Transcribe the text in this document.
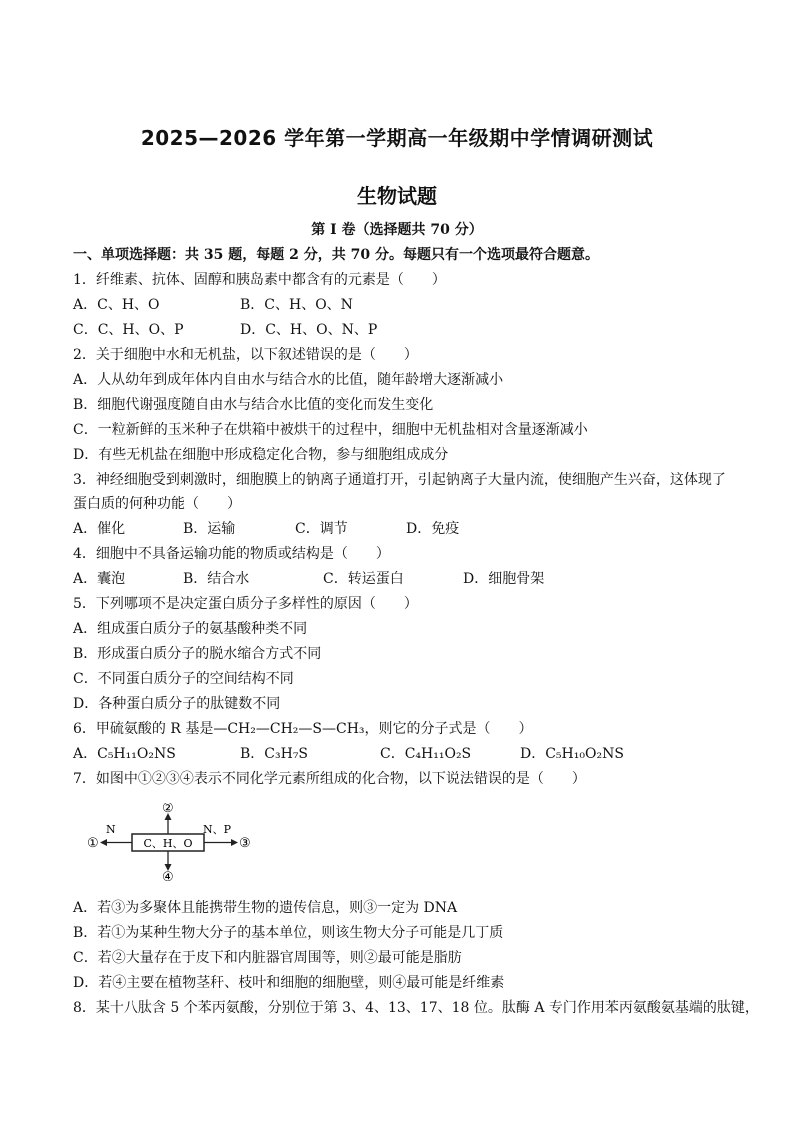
2025—2026 学年第一学期高一年级期中学情调研测试
生物试题
第 I 卷（选择题共 70 分）
一、单项选择题：共 35 题，每题 2 分，共 70 分。每题只有一个选项最符合题意。
1．纤维素、抗体、固醇和胰岛素中都含有的元素是（　　）
A．C、H、O	B．C、H、O、N
C．C、H、O、P	D．C、H、O、N、P
2．关于细胞中水和无机盐，以下叙述错误的是（　　）
A．人从幼年到成年体内自由水与结合水的比值，随年龄增大逐渐减小
B．细胞代谢强度随自由水与结合水比值的变化而发生变化
C．一粒新鲜的玉米种子在烘箱中被烘干的过程中，细胞中无机盐相对含量逐渐减小
D．有些无机盐在细胞中形成稳定化合物，参与细胞组成成分
3．神经细胞受到刺激时，细胞膜上的钠离子通道打开，引起钠离子大量内流，使细胞产生兴奋，这体现了
蛋白质的何种功能（　　）
A．催化	B．运输	C．调节	D．免疫
4．细胞中不具备运输功能的物质或结构是（　　）
A．囊泡	B．结合水	C．转运蛋白	D．细胞骨架
5．下列哪项不是决定蛋白质分子多样性的原因（　　）
A．组成蛋白质分子的氨基酸种类不同
B．形成蛋白质分子的脱水缩合方式不同
C．不同蛋白质分子的空间结构不同
D．各种蛋白质分子的肽键数不同
6．甲硫氨酸的 R 基是—CH₂—CH₂—S—CH₃，则它的分子式是（　　）
A．C₅H₁₁O₂NS	B．C₃H₇S	C．C₄H₁₁O₂S	D．C₅H₁₀O₂NS
7．如图中①②③④表示不同化学元素所组成的化合物，以下说法错误的是（　　）
C、H、O
N
①
N、P
③
②
④
A．若③为多聚体且能携带生物的遗传信息，则③一定为 DNA
B．若①为某种生物大分子的基本单位，则该生物大分子可能是几丁质
C．若②大量存在于皮下和内脏器官周围等，则②最可能是脂肪
D．若④主要在植物茎秆、枝叶和细胞的细胞壁，则④最可能是纤维素
8．某十八肽含 5 个苯丙氨酸，分别位于第 3、4、13、17、18 位。肽酶 A 专门作用苯丙氨酸氨基端的肽键，
